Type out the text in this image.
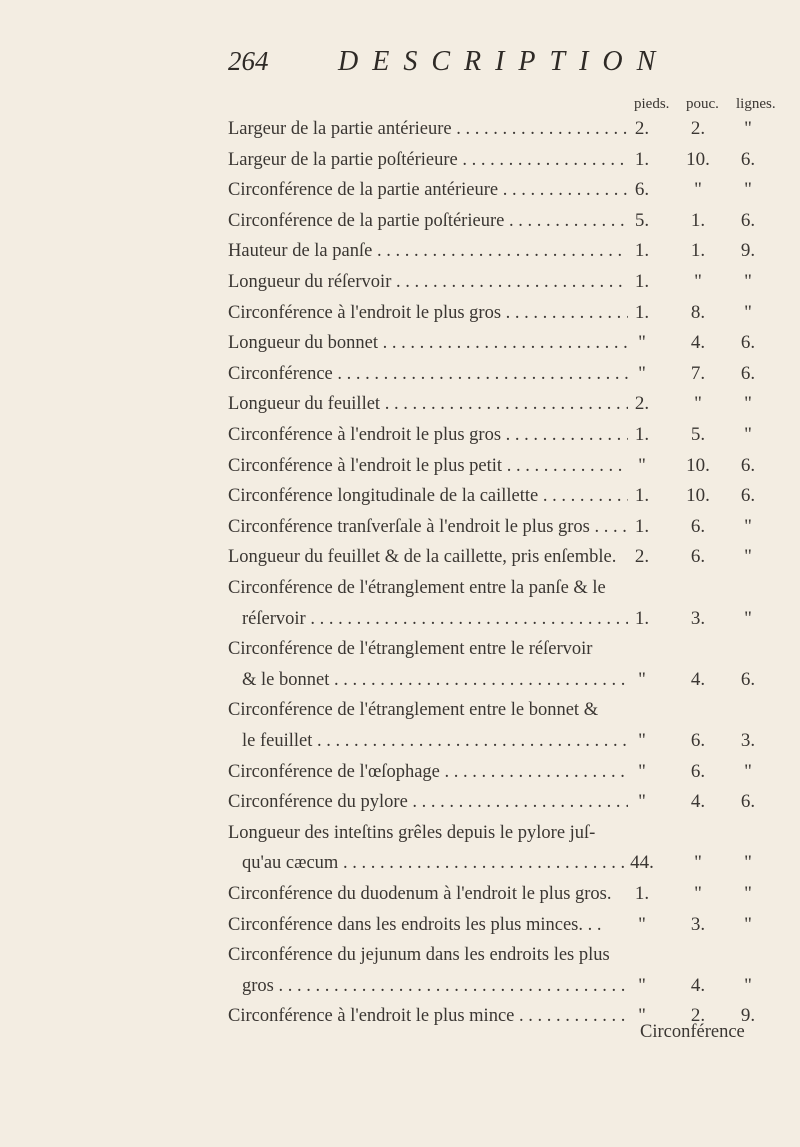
264 DESCRIPTION
pieds. pouc. lignes.
Largeur de la partie antérieure . . .	2.	2.	"
Largeur de la partie poſtérieure . . .	1.	10.	6.
Circonférence de la partie antérieure . . .	6.	"	"
Circonférence de la partie poſtérieure . . .	5.	1.	6.
Hauteur de la panſe . . .	1.	1.	9.
Longueur du réſervoir . . .	1.	"	"
Circonférence à l'endroit le plus gros . . .	1.	8.	"
Longueur du bonnet . . .	"	4.	6.
Circonférence . . .	"	7.	6.
Longueur du feuillet . . .	2.	"	"
Circonférence à l'endroit le plus gros . . .	1.	5.	"
Circonférence à l'endroit le plus petit . . .	"	10.	6.
Circonférence longitudinale de la caillette . . .	1.	10.	6.
Circonférence tranſverſale à l'endroit le plus gros . . .	1.	6.	"
Longueur du feuillet & de la caillette, pris enſemble. 2.	6.	"
Circonférence de l'étranglement entre la panſe & le
réſervoir . . .	1.	3.	"
Circonférence de l'étranglement entre le réſervoir
& le bonnet . . .	"	4.	6.
Circonférence de l'étranglement entre le bonnet &
le feuillet . . .	"	6.	3.
Circonférence de l'œſophage . . .	"	6.	"
Circonférence du pylore . . .	"	4.	6.
Longueur des inteſtins grêles depuis le pylore juſ-
qu'au cæcum . . .	44.	"	"
Circonférence du duodenum à l'endroit le plus gros.	1.	"	"
Circonférence dans les endroits les plus minces. . .	"	3.	"
Circonférence du jejunum dans les endroits les plus
gros . . .	"	4.	"
Circonférence à l'endroit le plus mince . . .	"	2.	9.
Circonférence
